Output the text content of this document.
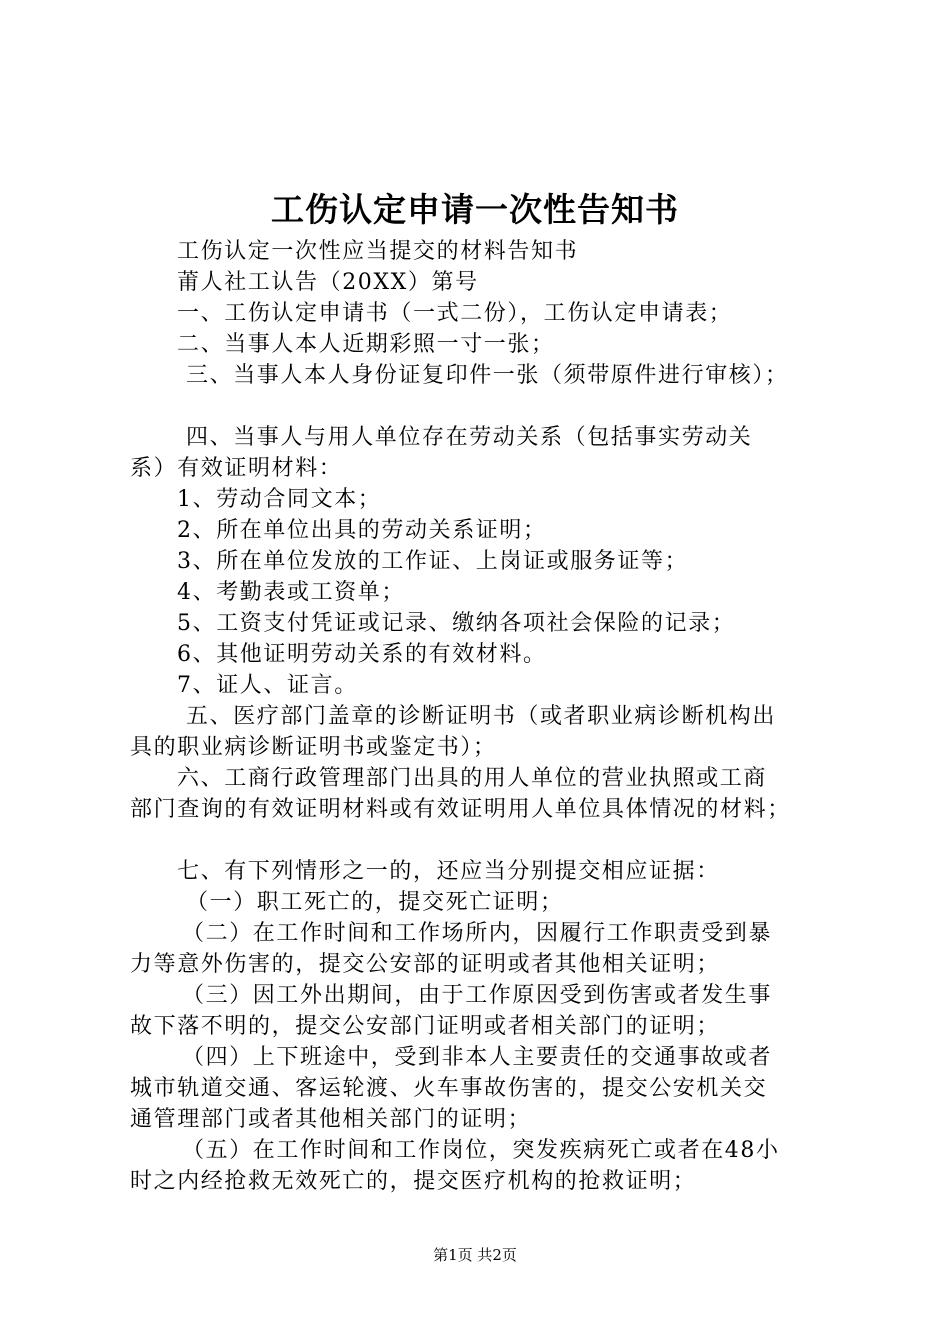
工伤认定申请一次性告知书

工伤认定一次性应当提交的材料告知书

莆人社工认告（20XX）第号

一、工伤认定申请书（一式二份），工伤认定申请表；

二、当事人本人近期彩照一寸一张；

三、当事人本人身份证复印件一张（须带原件进行审核）；

四、当事人与用人单位存在劳动关系（包括事实劳动关

系）有效证明材料：

1、劳动合同文本；

2、所在单位出具的劳动关系证明；

3、所在单位发放的工作证、上岗证或服务证等；

4、考勤表或工资单；

5、工资支付凭证或记录、缴纳各项社会保险的记录；

6、其他证明劳动关系的有效材料。

7、证人、证言。

五、医疗部门盖章的诊断证明书（或者职业病诊断机构出

具的职业病诊断证明书或鉴定书）；

六、工商行政管理部门出具的用人单位的营业执照或工商

部门查询的有效证明材料或有效证明用人单位具体情况的材料；

七、有下列情形之一的，还应当分别提交相应证据：

（一）职工死亡的，提交死亡证明；

（二）在工作时间和工作场所内，因履行工作职责受到暴

力等意外伤害的，提交公安部的证明或者其他相关证明；

（三）因工外出期间，由于工作原因受到伤害或者发生事

故下落不明的，提交公安部门证明或者相关部门的证明；

（四）上下班途中，受到非本人主要责任的交通事故或者

城市轨道交通、客运轮渡、火车事故伤害的，提交公安机关交

通管理部门或者其他相关部门的证明；

（五）在工作时间和工作岗位，突发疾病死亡或者在48小

时之内经抢救无效死亡的，提交医疗机构的抢救证明；

第1页 共2页
